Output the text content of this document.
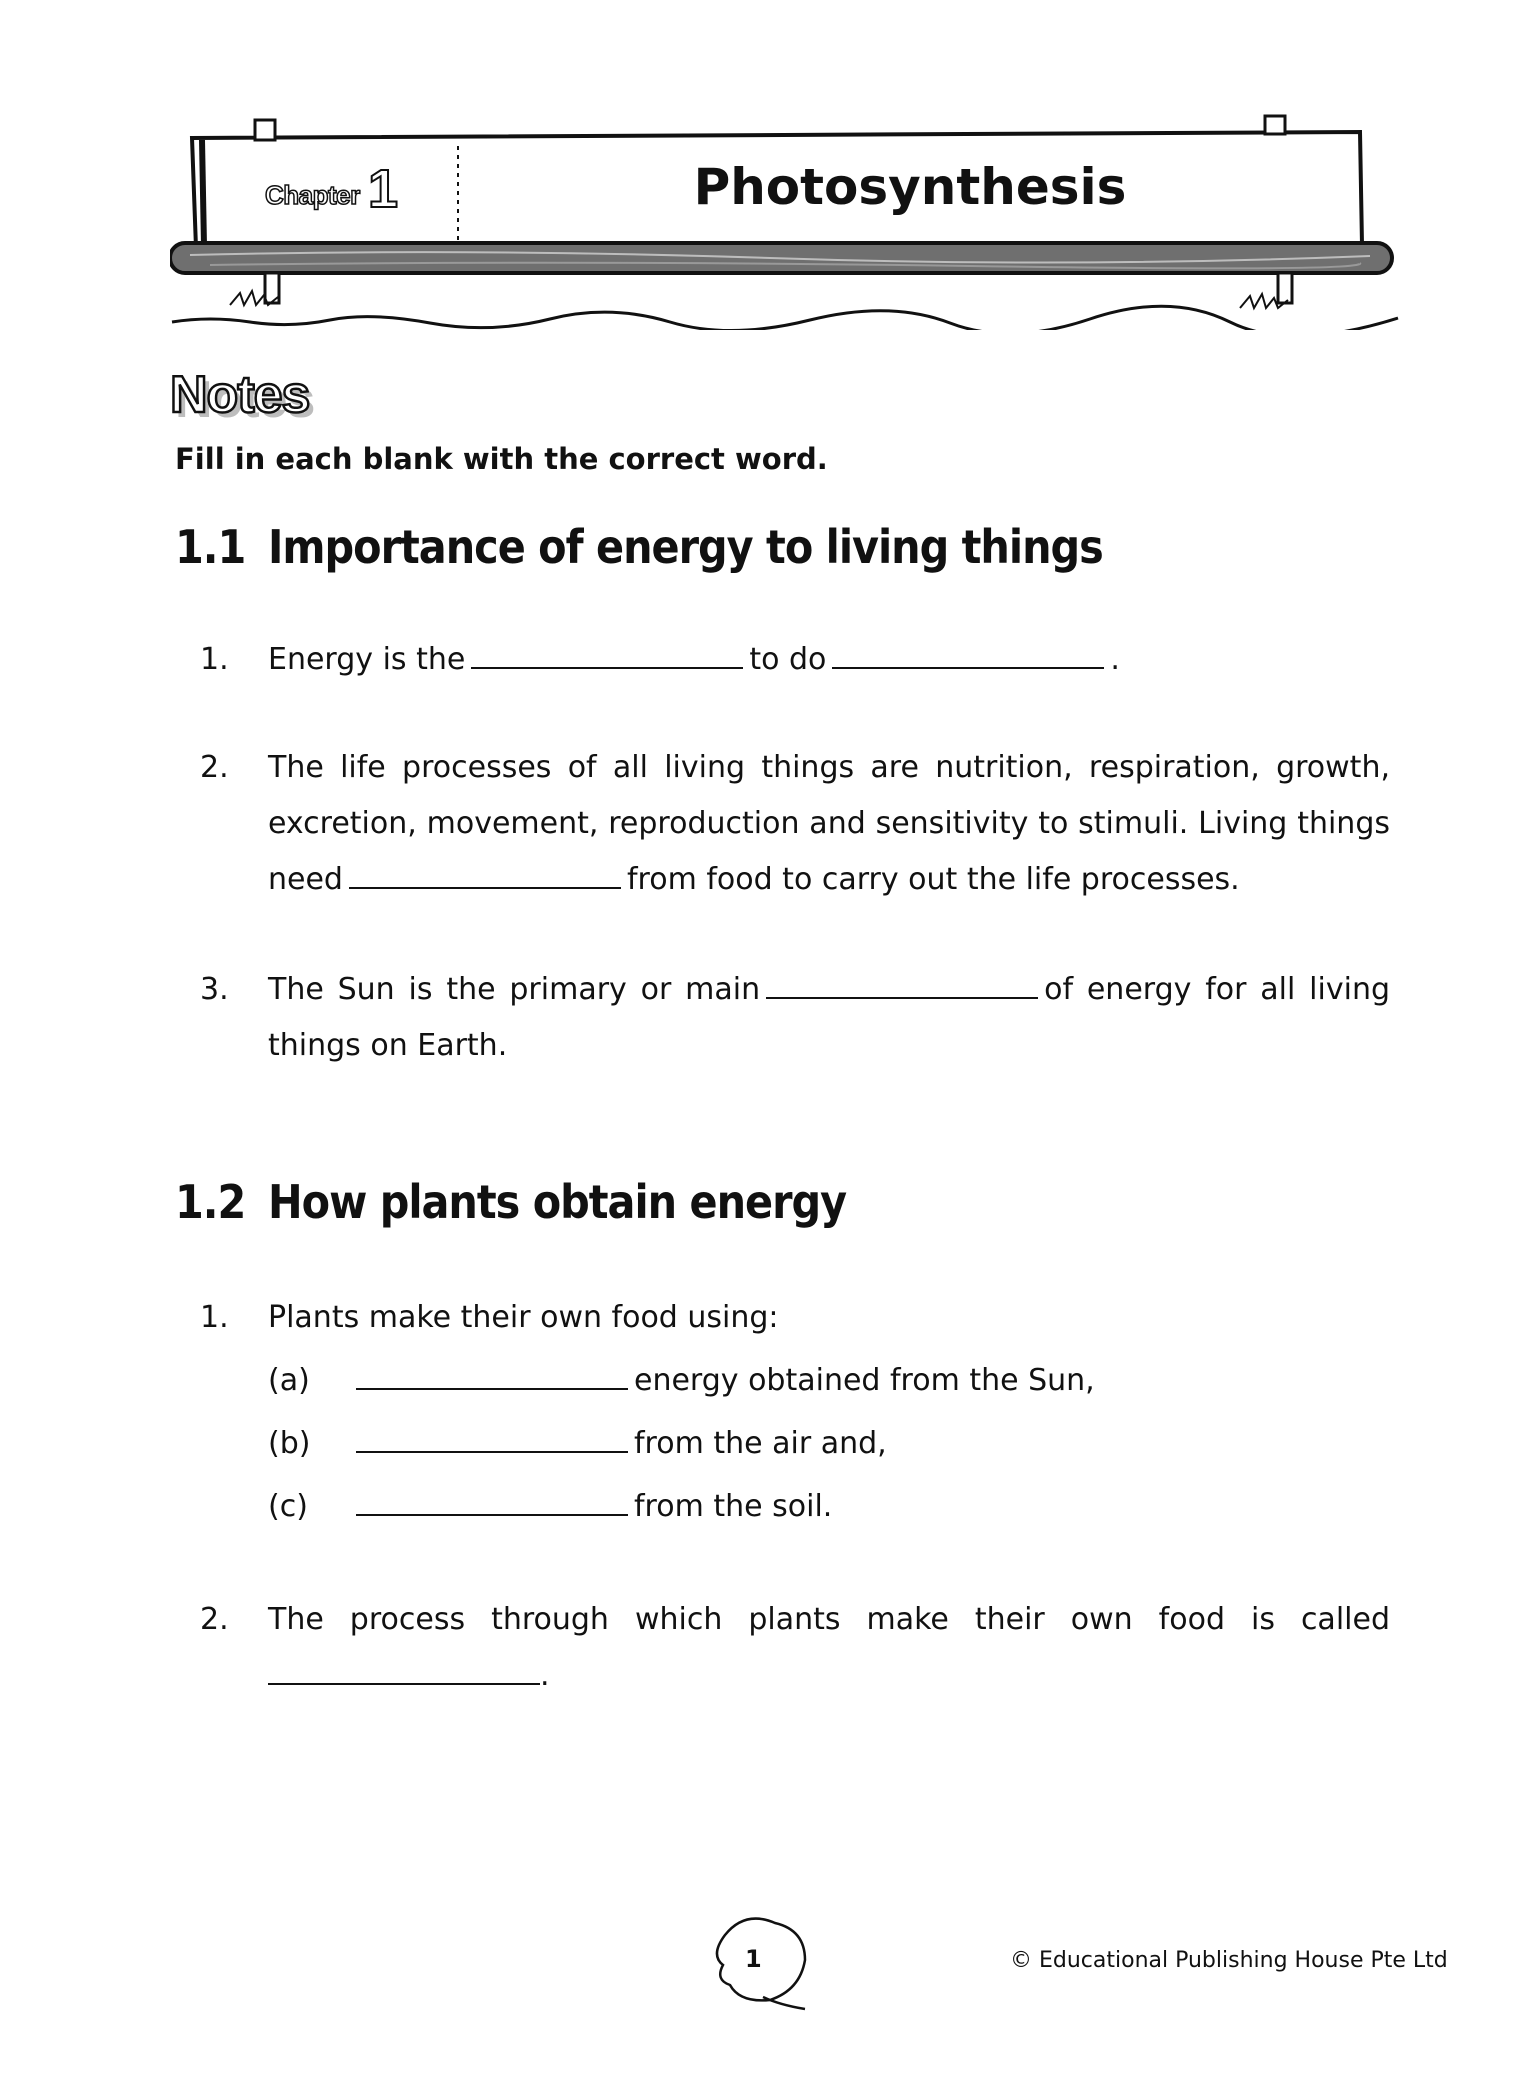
Chapter 1	Photosynthesis
Notes
Fill in each blank with the correct word.
1.1 Importance of energy to living things
1.	Energy is the	to do	.
2.	The life processes of all living things are nutrition, respiration, growth, excretion, movement, reproduction and sensitivity to stimuli. Living things need	from food to carry out the life processes.
3.	The Sun is the primary or main	of energy for all living things on Earth.
1.2 How plants obtain energy
1.	Plants make their own food using:
(a)	energy obtained from the Sun,
(b)	from the air and,
(c)	from the soil.
2.	The process through which plants make their own food is called
.
1	© Educational Publishing House Pte Ltd
